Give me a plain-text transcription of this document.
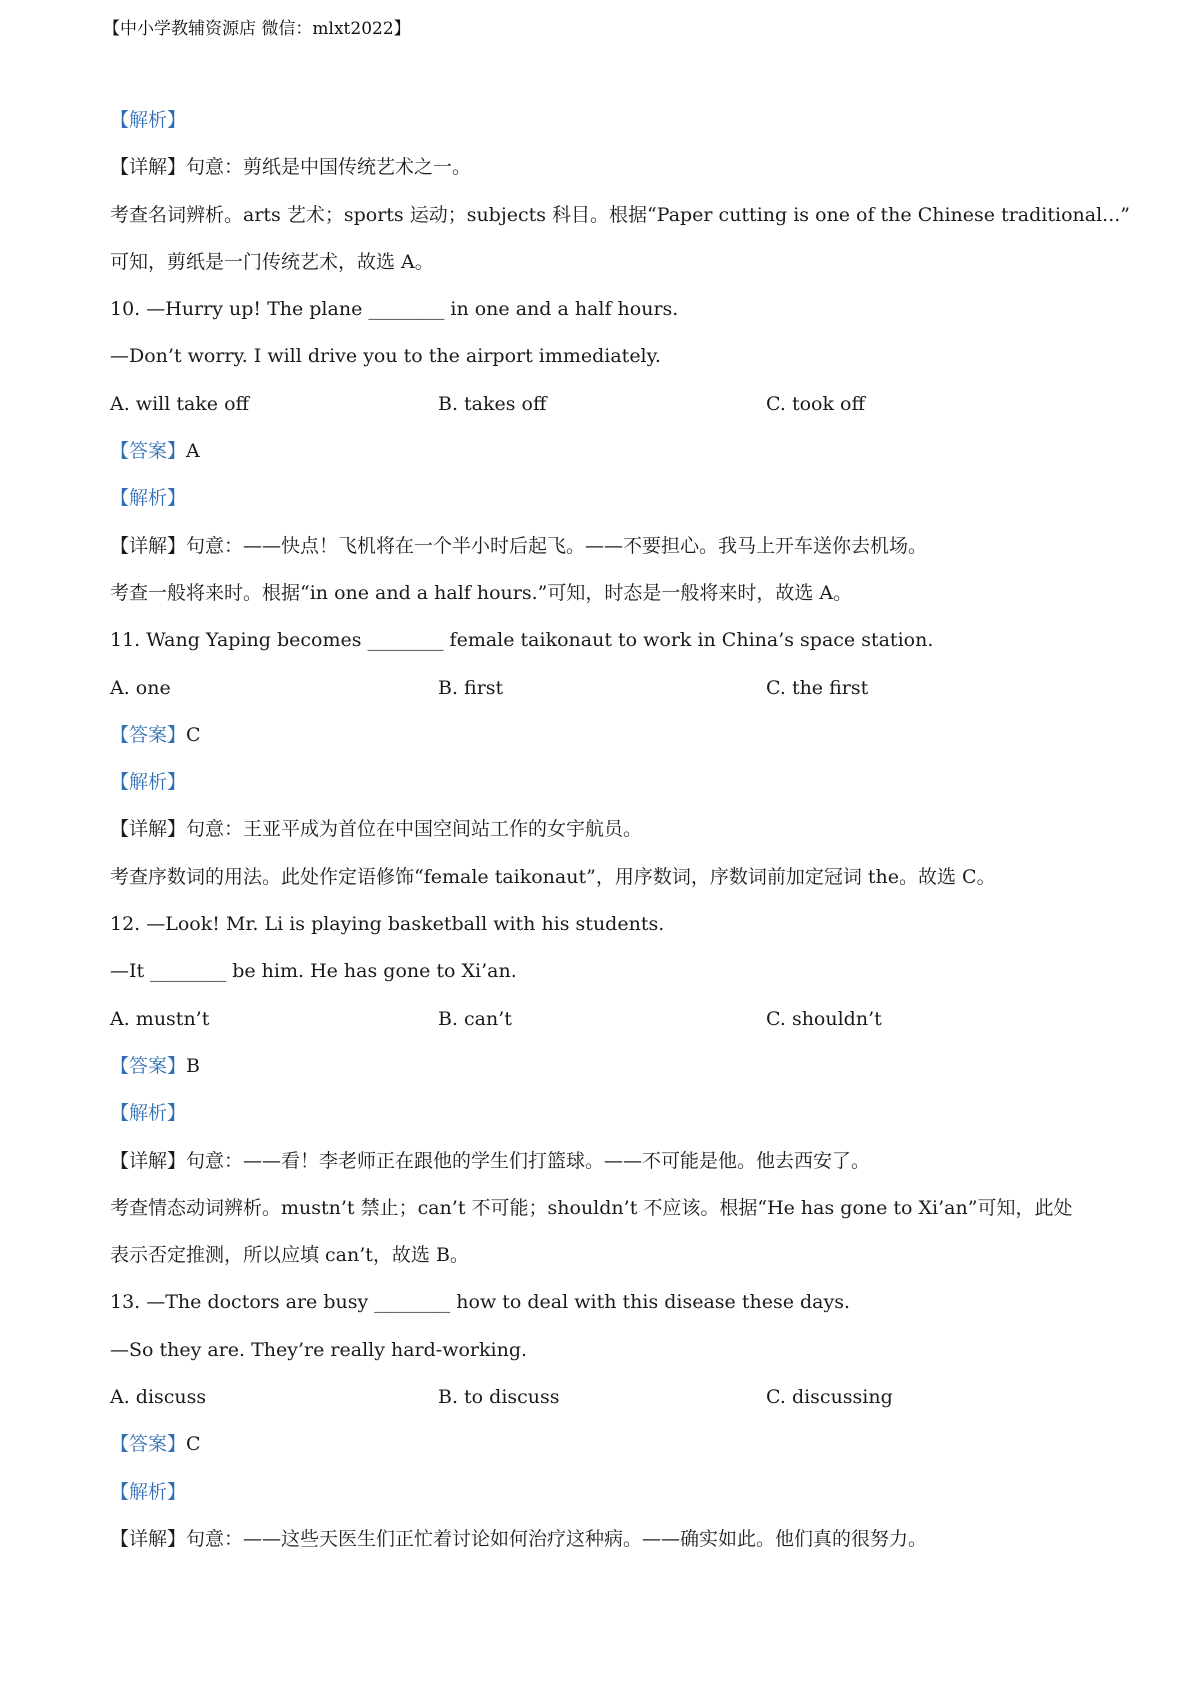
【中小学教辅资源店 微信：mlxt2022】
【解析】
【详解】句意：剪纸是中国传统艺术之一。
考查名词辨析。arts 艺术；sports 运动；subjects 科目。根据“Paper cutting is one of the Chinese traditional...”
可知，剪纸是一门传统艺术，故选 A。
10. —Hurry up! The plane ________ in one and a half hours.
—Don’t worry. I will drive you to the airport immediately.
A. will take off	B. takes off	C. took off
【答案】A
【解析】
【详解】句意：——快点！飞机将在一个半小时后起飞。——不要担心。我马上开车送你去机场。
考查一般将来时。根据“in one and a half hours.”可知，时态是一般将来时，故选 A。
11. Wang Yaping becomes ________ female taikonaut to work in China’s space station.
A. one	B. first	C. the first
【答案】C
【解析】
【详解】句意：王亚平成为首位在中国空间站工作的女宇航员。
考查序数词的用法。此处作定语修饰“female taikonaut”，用序数词，序数词前加定冠词 the。故选 C。
12. —Look! Mr. Li is playing basketball with his students.
—It ________ be him. He has gone to Xi’an.
A. mustn’t	B. can’t	C. shouldn’t
【答案】B
【解析】
【详解】句意：——看！李老师正在跟他的学生们打篮球。——不可能是他。他去西安了。
考查情态动词辨析。mustn’t 禁止；can’t 不可能；shouldn’t 不应该。根据“He has gone to Xi’an”可知，此处
表示否定推测，所以应填 can’t，故选 B。
13. —The doctors are busy ________ how to deal with this disease these days.
—So they are. They’re really hard-working.
A. discuss	B. to discuss	C. discussing
【答案】C
【解析】
【详解】句意：——这些天医生们正忙着讨论如何治疗这种病。——确实如此。他们真的很努力。
